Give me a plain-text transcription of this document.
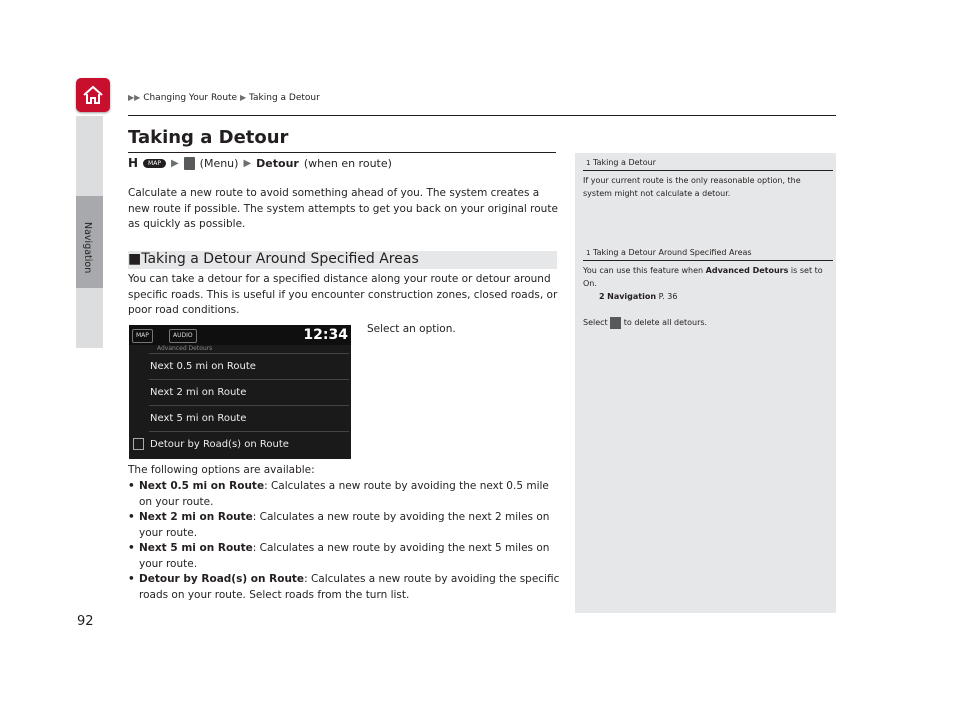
Navigation
▶▶ Changing Your Route ▶ Taking a Detour
Taking a Detour
H	MAP	▶ (Menu) ▶ Detour (when en route)
Calculate a new route to avoid something ahead of you. The system creates a new route if possible. The system attempts to get you back on your original route as quickly as possible.
■Taking a Detour Around Specified Areas
You can take a detour for a specified distance along your route or detour around specific roads. This is useful if you encounter construction zones, closed roads, or poor road conditions.
MAP	AUDIO	12:34
Advanced Detours
Next 0.5 mi on Route
Next 2 mi on Route
Next 5 mi on Route
Detour by Road(s) on Route
Select an option.
The following options are available:
• Next 0.5 mi on Route: Calculates a new route by avoiding the next 0.5 mile on your route.
• Next 2 mi on Route: Calculates a new route by avoiding the next 2 miles on your route.
• Next 5 mi on Route: Calculates a new route by avoiding the next 5 miles on your route.
• Detour by Road(s) on Route: Calculates a new route by avoiding the specific roads on your route. Select roads from the turn list.
1 Taking a Detour
If your current route is the only reasonable option, the system might not calculate a detour.
1 Taking a Detour Around Specified Areas
You can use this feature when Advanced Detours is set to On.
2 Navigation P. 36

Select to delete all detours.
92
